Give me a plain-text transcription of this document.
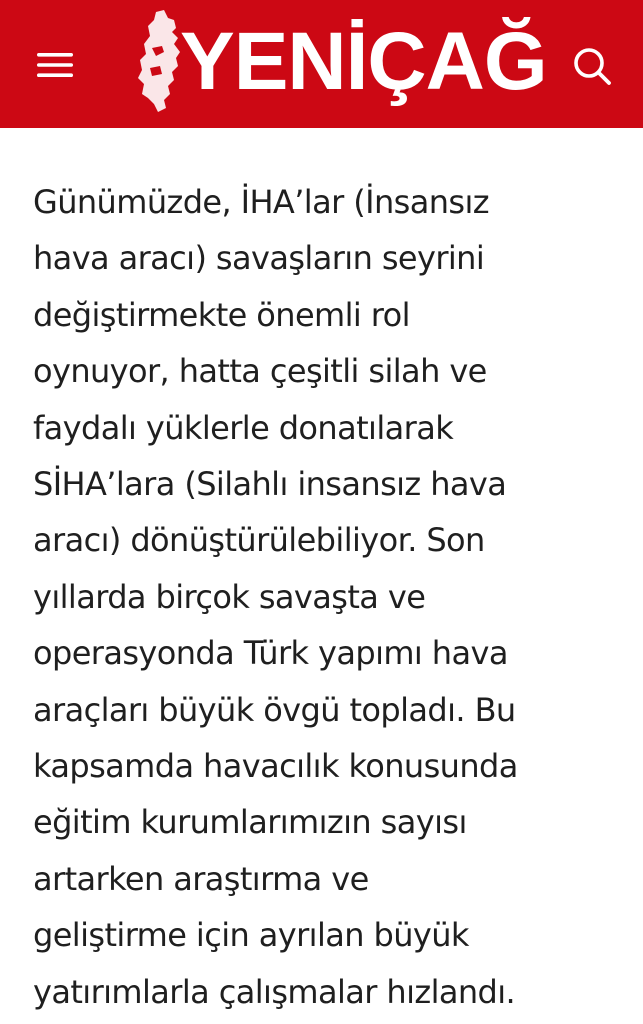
YENİÇAĞ

Günümüzde, İHA’lar (İnsansız
hava aracı) savaşların seyrini
değiştirmekte önemli rol
oynuyor, hatta çeşitli silah ve
faydalı yüklerle donatılarak
SİHA’lara (Silahlı insansız hava
aracı) dönüştürülebiliyor. Son
yıllarda birçok savaşta ve
operasyonda Türk yapımı hava
araçları büyük övgü topladı. Bu
kapsamda havacılık konusunda
eğitim kurumlarımızın sayısı
artarken araştırma ve
geliştirme için ayrılan büyük
yatırımlarla çalışmalar hızlandı.
